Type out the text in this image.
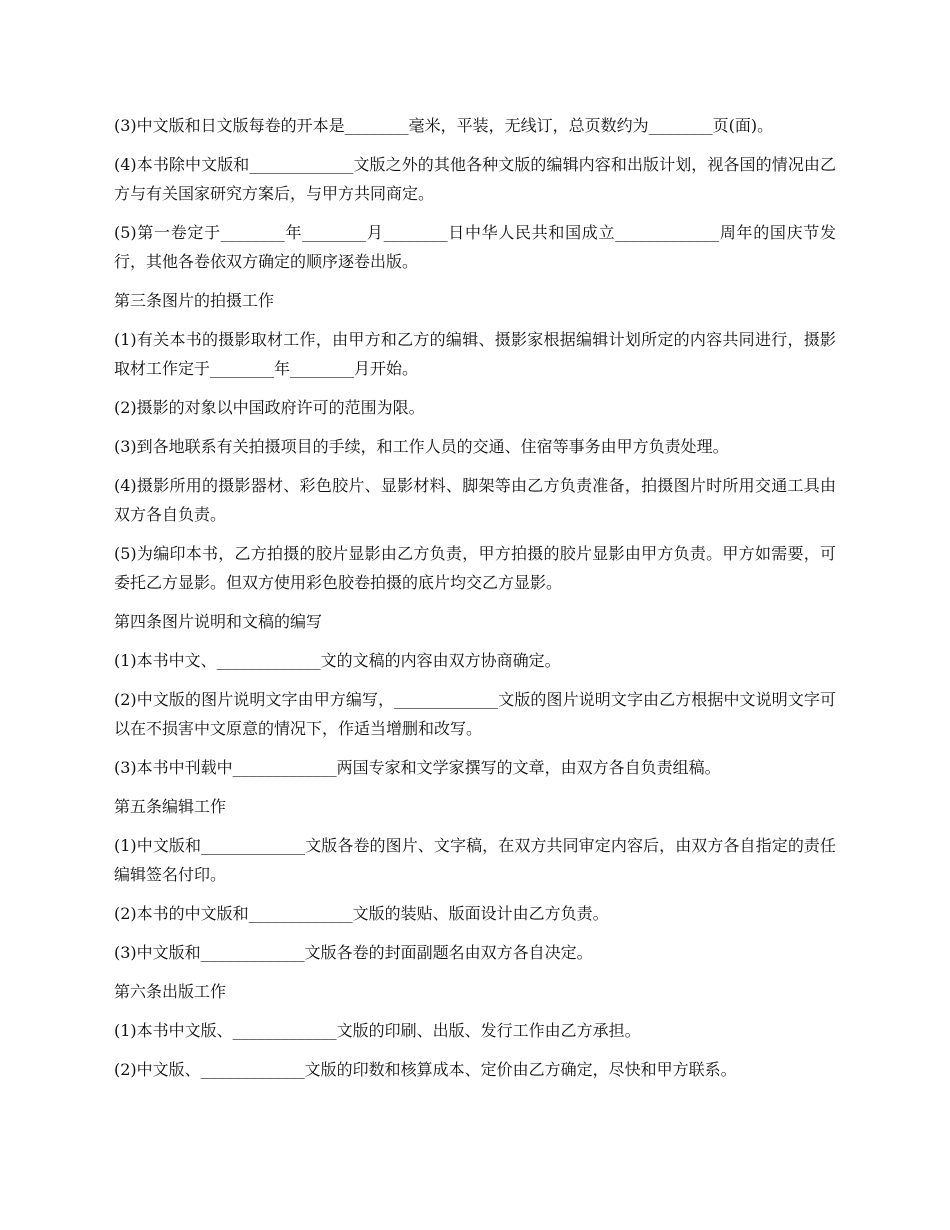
(3)中文版和日文版每卷的开本是________毫米，平装，无线订，总页数约为________页(面)。

(4)本书除中文版和_____________文版之外的其他各种文版的编辑内容和出版计划，视各国的情况由乙方与有关国家研究方案后，与甲方共同商定。

(5)第一卷定于________年________月________日中华人民共和国成立_____________周年的国庆节发行，其他各卷依双方确定的顺序逐卷出版。

第三条图片的拍摄工作

(1)有关本书的摄影取材工作，由甲方和乙方的编辑、摄影家根据编辑计划所定的内容共同进行，摄影取材工作定于________年________月开始。

(2)摄影的对象以中国政府许可的范围为限。

(3)到各地联系有关拍摄项目的手续，和工作人员的交通、住宿等事务由甲方负责处理。

(4)摄影所用的摄影器材、彩色胶片、显影材料、脚架等由乙方负责准备，拍摄图片时所用交通工具由双方各自负责。

(5)为编印本书，乙方拍摄的胶片显影由乙方负责，甲方拍摄的胶片显影由甲方负责。甲方如需要，可委托乙方显影。但双方使用彩色胶卷拍摄的底片均交乙方显影。

第四条图片说明和文稿的编写

(1)本书中文、_____________文的文稿的内容由双方协商确定。

(2)中文版的图片说明文字由甲方编写，_____________文版的图片说明文字由乙方根据中文说明文字可以在不损害中文原意的情况下，作适当增删和改写。

(3)本书中刊载中_____________两国专家和文学家撰写的文章，由双方各自负责组稿。

第五条编辑工作

(1)中文版和_____________文版各卷的图片、文字稿，在双方共同审定内容后，由双方各自指定的责任编辑签名付印。

(2)本书的中文版和_____________文版的装贴、版面设计由乙方负责。

(3)中文版和_____________文版各卷的封面副题名由双方各自决定。

第六条出版工作

(1)本书中文版、_____________文版的印刷、出版、发行工作由乙方承担。

(2)中文版、_____________文版的印数和核算成本、定价由乙方确定，尽快和甲方联系。
